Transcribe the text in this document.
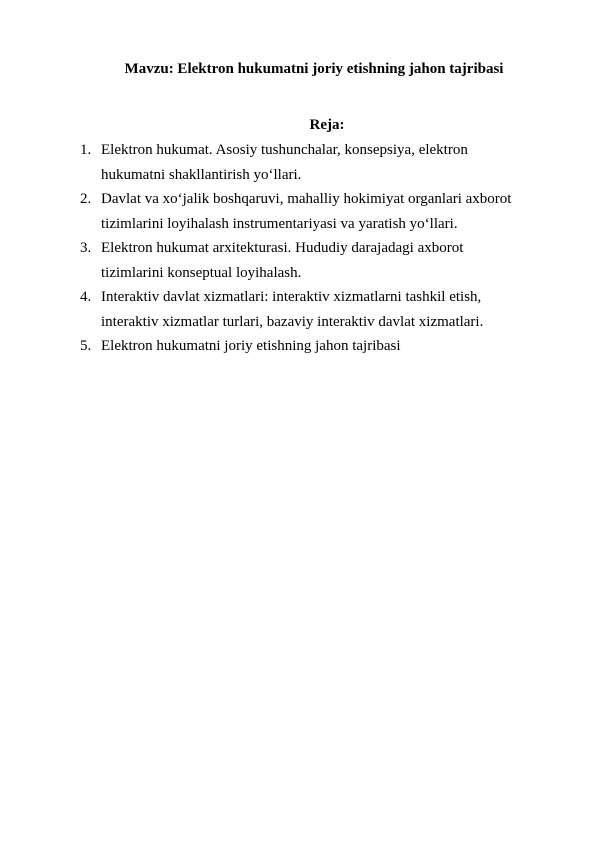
Mavzu: Elektron hukumatni joriy etishning jahon tajribasi
Reja:
1. Elektron hukumat. Asosiy tushunchalar, konsepsiya, elektron
hukumatni shakllantirish yo‘llari.
2. Davlat va xo‘jalik boshqaruvi, mahalliy hokimiyat organlari axborot
tizimlarini loyihalash instrumentariyasi va yaratish yo‘llari.
3. Elektron hukumat arxitekturasi. Hududiy darajadagi axborot
tizimlarini konseptual loyihalash.
4. Interaktiv davlat xizmatlari: interaktiv xizmatlarni tashkil etish,
interaktiv xizmatlar turlari, bazaviy interaktiv davlat xizmatlari.
5. Elektron hukumatni joriy etishning jahon tajribasi
